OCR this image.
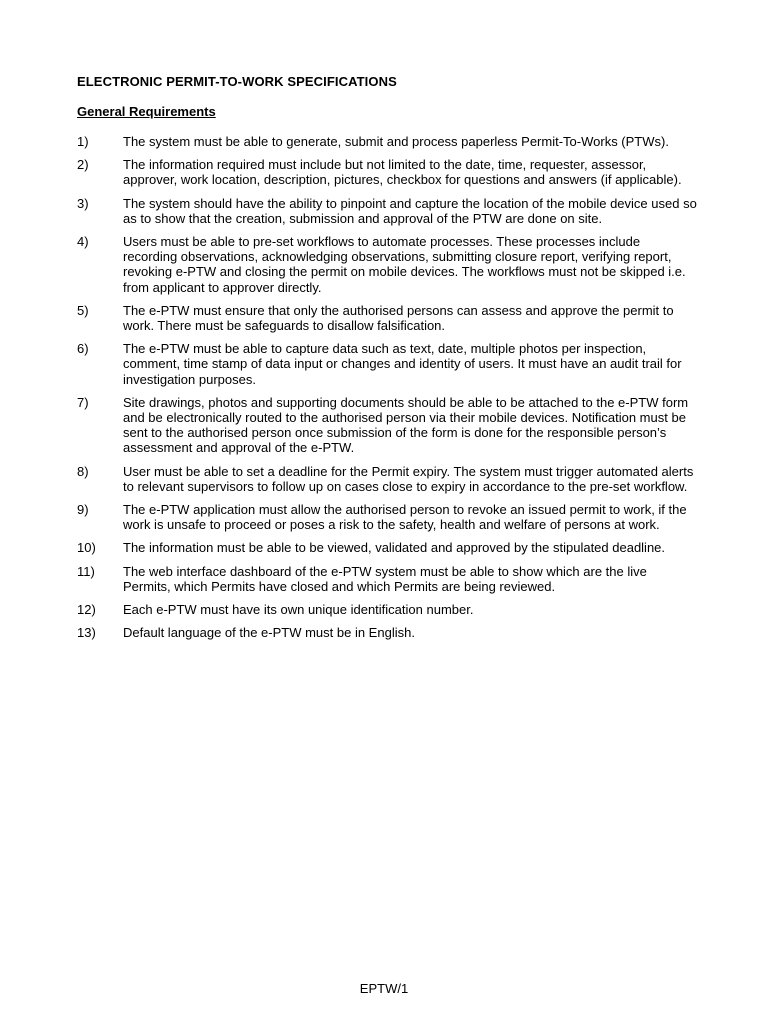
ELECTRONIC PERMIT-TO-WORK SPECIFICATIONS
General Requirements
1)	The system must be able to generate, submit and process paperless Permit-To-Works (PTWs).
2)	The information required must include but not limited to the date, time, requester, assessor, approver, work location, description, pictures, checkbox for questions and answers (if applicable).
3)	The system should have the ability to pinpoint and capture the location of the mobile device used so as to show that the creation, submission and approval of the PTW are done on site.
4)	Users must be able to pre-set workflows to automate processes. These processes include recording observations, acknowledging observations, submitting closure report, verifying report, revoking e-PTW and closing the permit on mobile devices. The workflows must not be skipped i.e. from applicant to approver directly.
5)	The e-PTW must ensure that only the authorised persons can assess and approve the permit to work. There must be safeguards to disallow falsification.
6)	The e-PTW must be able to capture data such as text, date, multiple photos per inspection, comment, time stamp of data input or changes and identity of users. It must have an audit trail for investigation purposes.
7)	Site drawings, photos and supporting documents should be able to be attached to the e-PTW form and be electronically routed to the authorised person via their mobile devices. Notification must be sent to the authorised person once submission of the form is done for the responsible person’s assessment and approval of the e-PTW.
8)	User must be able to set a deadline for the Permit expiry. The system must trigger automated alerts to relevant supervisors to follow up on cases close to expiry in accordance to the pre-set workflow.
9)	The e-PTW application must allow the authorised person to revoke an issued permit to work, if the work is unsafe to proceed or poses a risk to the safety, health and welfare of persons at work.
10)	The information must be able to be viewed, validated and approved by the stipulated deadline.
11)	The web interface dashboard of the e-PTW system must be able to show which are the live Permits, which Permits have closed and which Permits are being reviewed.
12)	Each e-PTW must have its own unique identification number.
13)	Default language of the e-PTW must be in English.
EPTW/1
